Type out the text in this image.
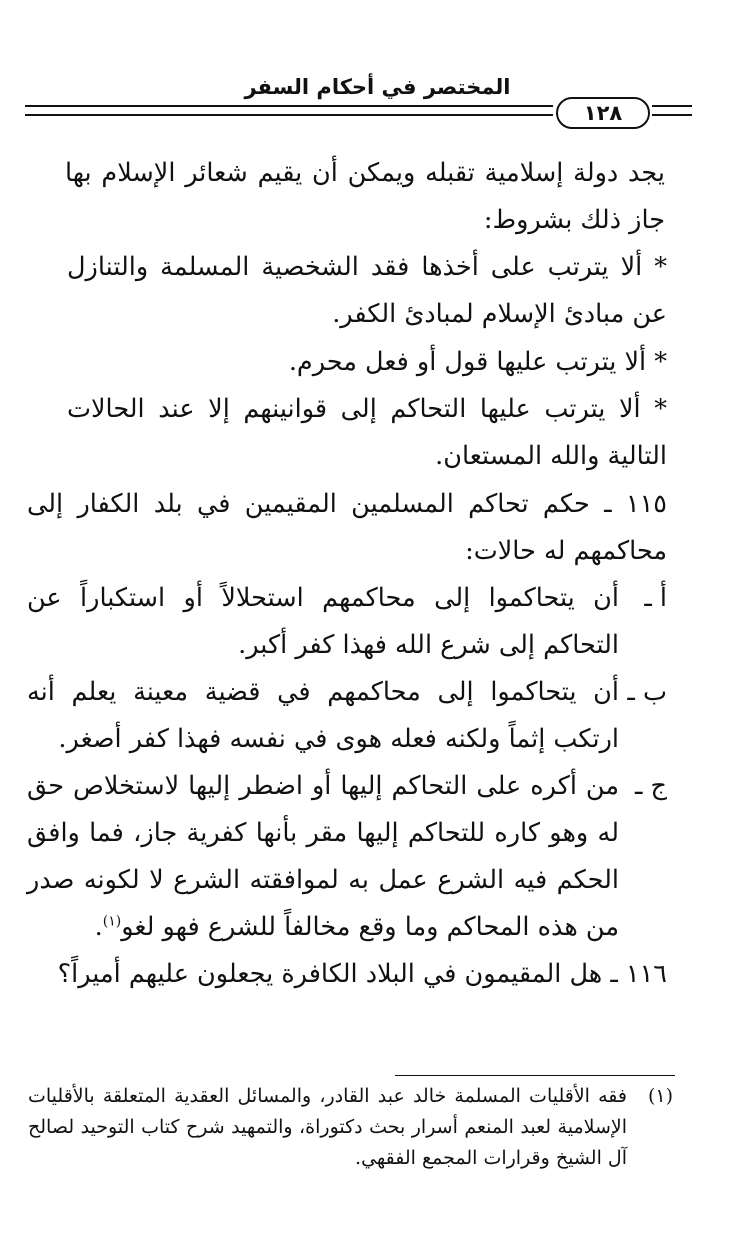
المختصر في أحكام السفر
١٢٨
يجد دولة إسلامية تقبله ويمكن أن يقيم شعائر الإسلام بها جاز ذلك بشروط:
* ألا يترتب على أخذها فقد الشخصية المسلمة والتنازل عن مبادئ الإسلام لمبادئ الكفر.
* ألا يترتب عليها قول أو فعل محرم.
* ألا يترتب عليها التحاكم إلى قوانينهم إلا عند الحالات التالية والله المستعان.
١١٥ ـ حكم تحاكم المسلمين المقيمين في بلد الكفار إلى محاكمهم له حالات:
أ ـ
أن يتحاكموا إلى محاكمهم استحلالاً أو استكباراً عن التحاكم إلى شرع الله فهذا كفر أكبر.
ب ـ
أن يتحاكموا إلى محاكمهم في قضية معينة يعلم أنه ارتكب إثماً ولكنه فعله هوى في نفسه فهذا كفر أصغر.
ج ـ
من أكره على التحاكم إليها أو اضطر إليها لاستخلاص حق له وهو كاره للتحاكم إليها مقر بأنها كفرية جاز، فما وافق الحكم فيه الشرع عمل به لموافقته الشرع لا لكونه صدر من هذه المحاكم وما وقع مخالفاً للشرع فهو لغو$^{(١)}$.
١١٦ ـ هل المقيمون في البلاد الكافرة يجعلون عليهم أميراً؟
(١)
فقه الأقليات المسلمة خالد عبد القادر، والمسائل العقدية المتعلقة بالأقليات الإسلامية لعبد المنعم أسرار بحث دكتوراة، والتمهيد شرح كتاب التوحيد لصالح آل الشيخ وقرارات المجمع الفقهي.
